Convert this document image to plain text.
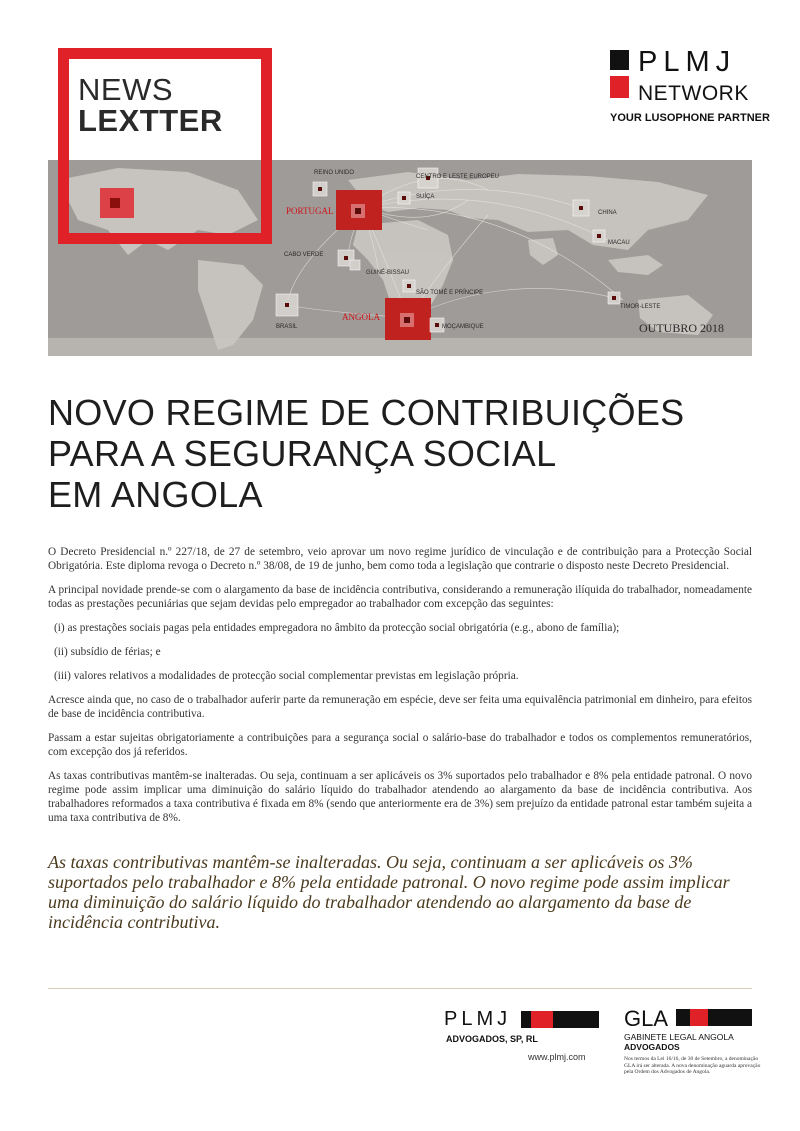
NEWS
LEXTTER
PLMJ
NETWORK
YOUR LUSOPHONE PARTNER
REINO UNIDO
CENTRO E LESTE EUROPEU
PORTUGAL
SUÍÇA
CHINA
MACAU
CABO VERDE
GUINÉ-BISSAU
SÃO TOMÉ E PRÍNCIPE
TIMOR-LESTE
BRASIL
ANGOLA
MOÇAMBIQUE	OUTUBRO 2018
NOVO REGIME DE CONTRIBUIÇÕES
PARA A SEGURANÇA SOCIAL
EM ANGOLA

O Decreto Presidencial n.º 227/18, de 27 de setembro, veio aprovar um novo regime jurídico de vinculação e de contribuição para a Protecção Social Obrigatória. Este diploma revoga o Decreto n.º 38/08, de 19 de junho, bem como toda a legislação que contrarie o disposto neste Decreto Presidencial.

A principal novidade prende-se com o alargamento da base de incidência contributiva, considerando a remuneração ilíquida do trabalhador, nomeadamente todas as prestações pecuniárias que sejam devidas pelo empregador ao trabalhador com excepção das seguintes:

(i) as prestações sociais pagas pela entidades empregadora no âmbito da protecção social obrigatória (e.g., abono de família);

(ii) subsídio de férias; e

(iii) valores relativos a modalidades de protecção social complementar previstas em legislação própria.

Acresce ainda que, no caso de o trabalhador auferir parte da remuneração em espécie, deve ser feita uma equivalência patrimonial em dinheiro, para efeitos de base de incidência contributiva.

Passam a estar sujeitas obrigatoriamente a contribuições para a segurança social o salário-base do trabalhador e todos os complementos remuneratórios, com excepção dos já referidos.

As taxas contributivas mantêm-se inalteradas. Ou seja, continuam a ser aplicáveis os 3% suportados pelo trabalhador e 8% pela entidade patronal. O novo regime pode assim implicar uma diminuição do salário líquido do trabalhador atendendo ao alargamento da base de incidência contributiva. Aos trabalhadores reformados a taxa contributiva é fixada em 8% (sendo que anteriormente era de 3%) sem prejuízo da entidade patronal estar também sujeita a uma taxa contributiva de 8%.

As taxas contributivas mantêm-se inalteradas. Ou seja, continuam a ser aplicáveis os 3% suportados pelo trabalhador e 8% pela entidade patronal. O novo regime pode assim implicar uma diminuição do salário líquido do trabalhador atendendo ao alargamento da base de incidência contributiva.
PLMJ
ADVOGADOS, SP, RL
www.plmj.com
GLA
GABINETE LEGAL ANGOLA
ADVOGADOS
Nos termos da Lei 16/16, de 30 de Setembro, a denominação GLA irá ser alterada. A nova denominação aguarda aprovação pela Ordem dos Advogados de Angola.
